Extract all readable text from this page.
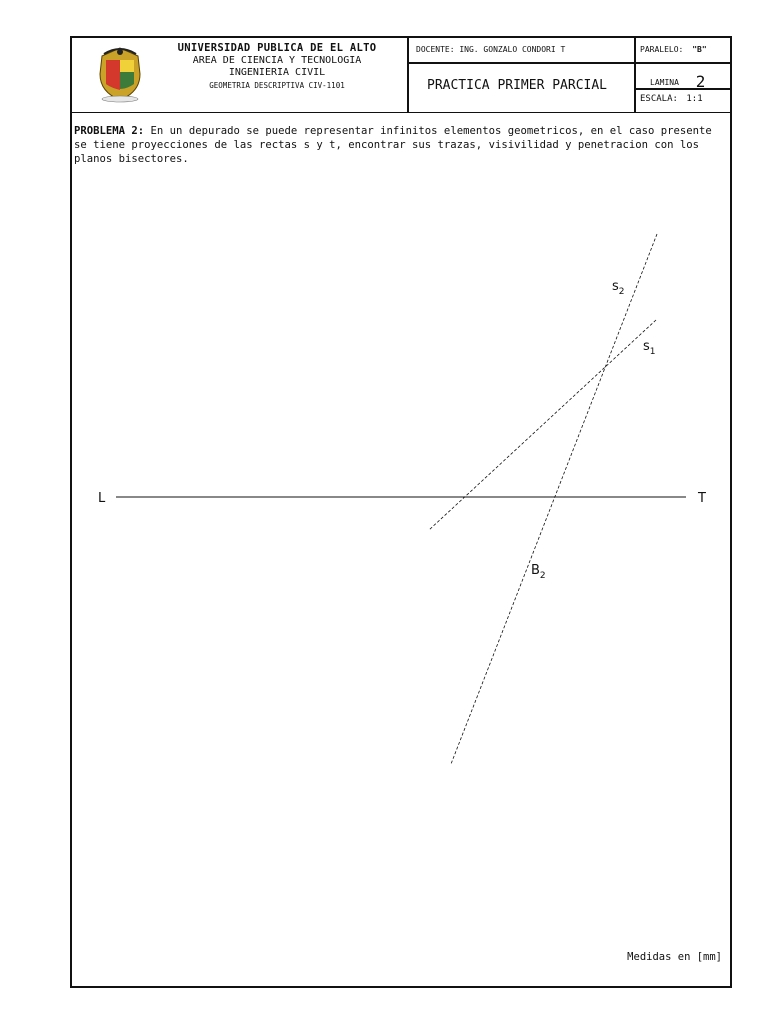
UNIVERSIDAD PUBLICA DE EL ALTO
AREA DE CIENCIA Y TECNOLOGIA
INGENIERIA CIVIL
GEOMETRIA DESCRIPTIVA CIV-1101
DOCENTE: ING. GONZALO CONDORI T	PARALELO: "B"
PRACTICA PRIMER PARCIAL	LAMINA 2
ESCALA: 1:1
PROBLEMA 2: En un depurado se puede representar infinitos elementos geometricos, en el caso presente se tiene proyecciones de las rectas s y t, encontrar sus trazas, visivilidad y penetracion con los planos bisectores.
L	T
$s_2$
$s_1$
$B_2$
Medidas en [mm]
